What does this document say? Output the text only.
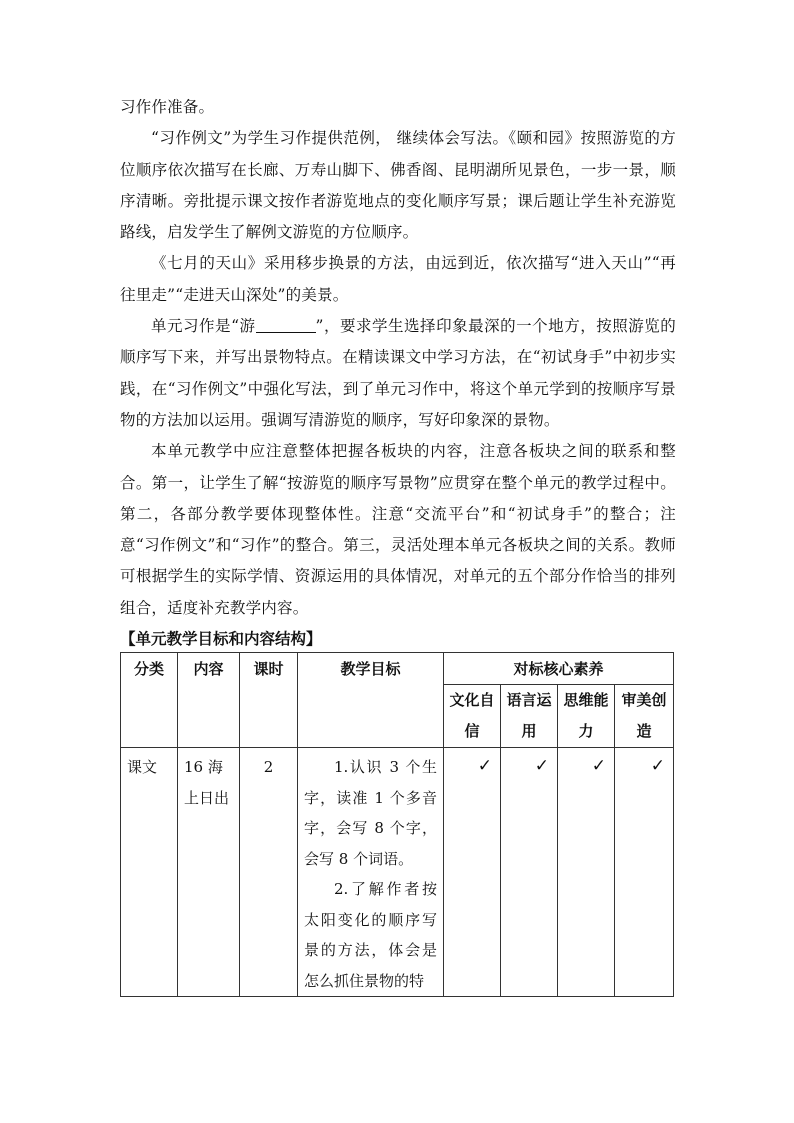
习作作准备。

“习作例文”为学生习作提供范例， 继续体会写法。《颐和园》按照游览的方位顺序依次描写在长廊、万寿山脚下、佛香阁、昆明湖所见景色，一步一景，顺序清晰。旁批提示课文按作者游览地点的变化顺序写景；课后题让学生补充游览路线，启发学生了解例文游览的方位顺序。

《七月的天山》采用移步换景的方法，由远到近，依次描写“进入天山”“再往里走”“走进天山深处”的美景。

单元习作是“游	”，要求学生选择印象最深的一个地方，按照游览的顺序写下来，并写出景物特点。在精读课文中学习方法，在“初试身手”中初步实践，在“习作例文”中强化写法，到了单元习作中，将这个单元学到的按顺序写景物的方法加以运用。强调写清游览的顺序，写好印象深的景物。

本单元教学中应注意整体把握各板块的内容，注意各板块之间的联系和整合。第一，让学生了解“按游览的顺序写景物”应贯穿在整个单元的教学过程中。第二，各部分教学要体现整体性。注意“交流平台”和“初试身手”的整合；注意“习作例文”和“习作”的整合。第三，灵活处理本单元各板块之间的关系。教师可根据学生的实际学情、资源运用的具体情况，对单元的五个部分作恰当的排列组合，适度补充教学内容。

【单元教学目标和内容结构】

分类	内容	课时	教学目标	对标核心素养			
				文化自信	语言运用	思维能力	审美创造

课文	16 海上日出	2	1.认识 3 个生字，读准 1 个多音字，会写 8 个字，会写 8 个词语。

2.了解作者按太阳变化的顺序写景的方法，体会是怎么抓住景物的特	✓	✓	✓	✓
